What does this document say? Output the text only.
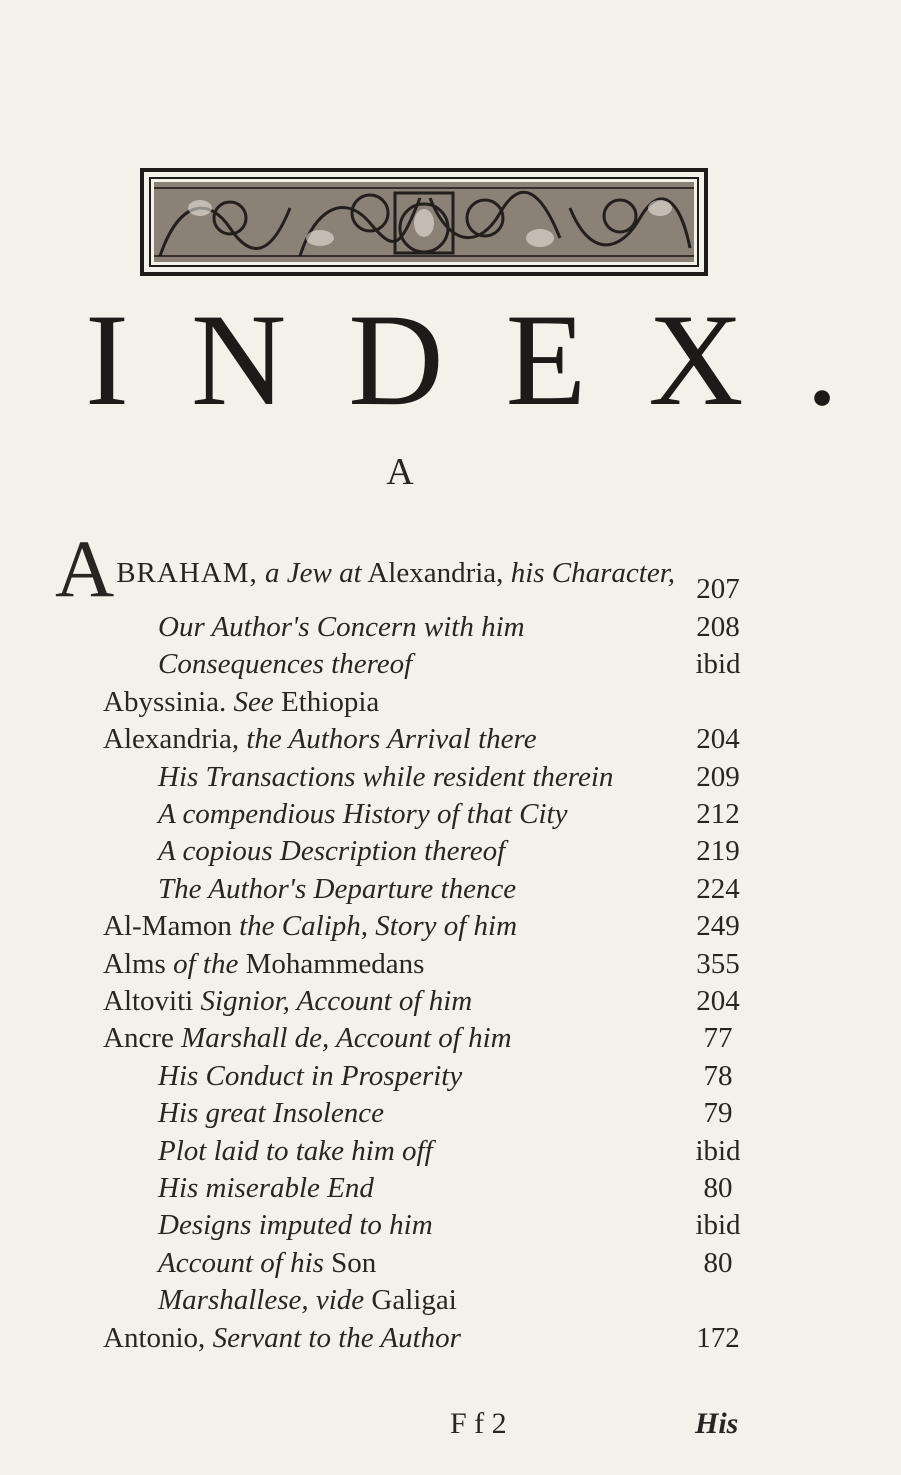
INDEX.
A
ABRAHAM, a Jew at Alexandria, his Character, 207
Our Author's Concern with him	208
Consequences thereof	ibid
Abyssinia. See Ethiopia
Alexandria, the Authors Arrival there	204
His Transactions while resident therein	209
A compendious History of that City	212
A copious Description thereof	219
The Author's Departure thence	224
Al-Mamon the Caliph, Story of him	249
Alms of the Mohammedans	355
Altoviti Signior, Account of him	204
Ancre Marshall de, Account of him	77
His Conduct in Prosperity	78
His great Insolence	79
Plot laid to take him off	ibid
His miserable End	80
Designs imputed to him	ibid
Account of his Son	80
Marshallese, vide Galigai
Antonio, Servant to the Author	172
F f 2	His
